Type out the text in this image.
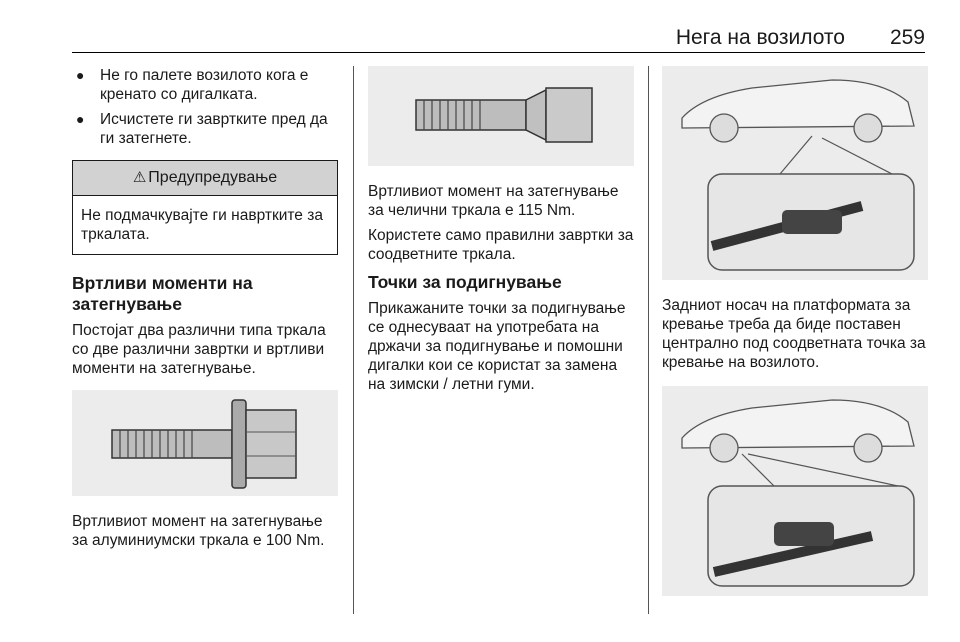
Нега на возилото 259
●	Не го палете возилото кога е кренато со дигалката.
●	Исчистете ги завртките пред да ги затегнете.
⚠ Предупредување
Не подмачкувајте ги навртките за тркалата.
Вртливи моменти на затегнување
Постојат два различни типа тркала со две различни завртки и вртливи моменти на затегнување.
Вртливиот момент на затегнување за алуминиумски тркала е 100 Nm.
Вртливиот момент на затегнување за челични тркала е 115 Nm.
Користете само правилни завртки за соодветните тркала.
Точки за подигнување
Прикажаните точки за подигнување се однесуваат на употребата на држачи за подигнување и помошни дигалки кои се користат за замена на зимски / летни гуми.
Задниот носач на платформата за кревање треба да биде поставен централно под соодветната точка за кревање на возилото.
